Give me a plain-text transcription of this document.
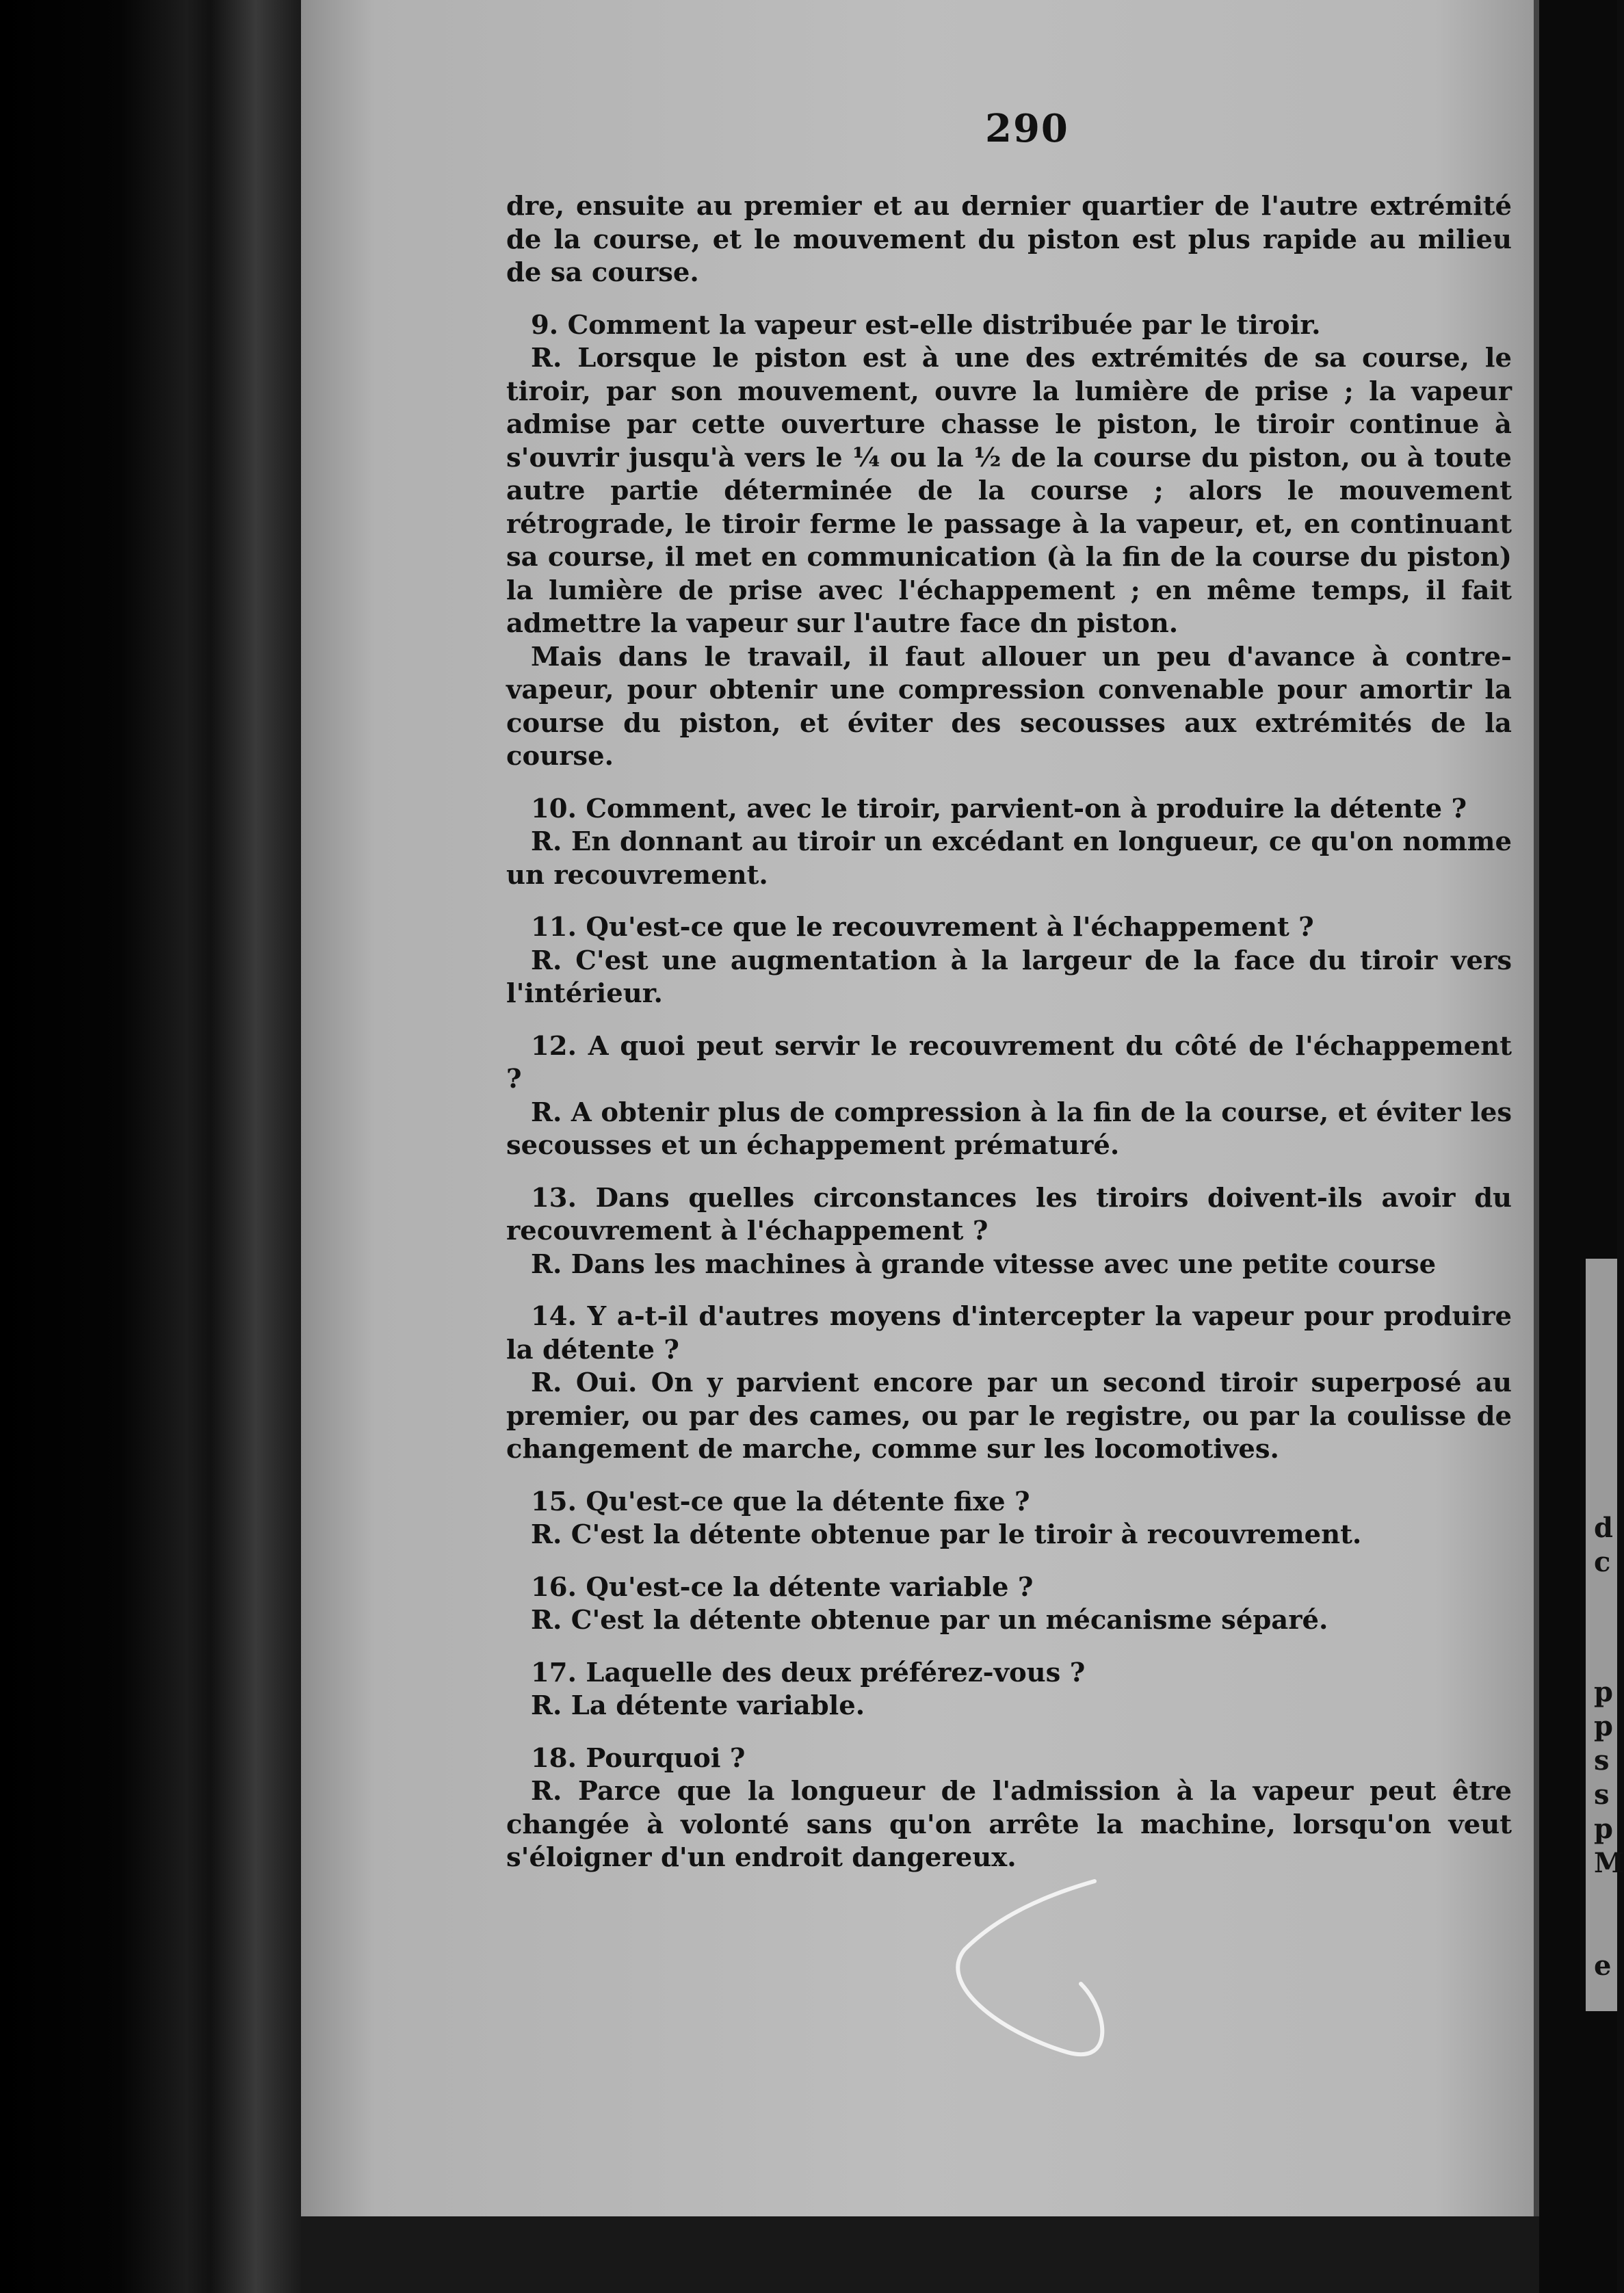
d
c
p
p
s
s
p
M
e
290

dre, ensuite au premier et au dernier quartier de l'autre extrémité de la course, et le mouvement du piston est plus rapide au milieu de sa course.

9. Comment la vapeur est-elle distribuée par le tiroir.

R. Lorsque le piston est à une des extrémités de sa course, le tiroir, par son mouvement, ouvre la lumière de prise ; la vapeur admise par cette ouverture chasse le piston, le tiroir continue à s'ouvrir jusqu'à vers le ¼ ou la ½ de la course du piston, ou à toute autre partie déterminée de la course ; alors le mouvement rétrograde, le tiroir ferme le passage à la vapeur, et, en continuant sa course, il met en communication (à la fin de la course du piston) la lumière de prise avec l'échappement ; en même temps, il fait admettre la vapeur sur l'autre face dn piston.

Mais dans le travail, il faut allouer un peu d'avance à contre-vapeur, pour obtenir une compression convenable pour amortir la course du piston, et éviter des secousses aux extrémités de la course.

10. Comment, avec le tiroir, parvient-on à produire la détente ?

R. En donnant au tiroir un excédant en longueur, ce qu'on nomme un recouvrement.

11. Qu'est-ce que le recouvrement à l'échappement ?

R. C'est une augmentation à la largeur de la face du tiroir vers l'intérieur.

12. A quoi peut servir le recouvrement du côté de l'échappement ?

R. A obtenir plus de compression à la fin de la course, et éviter les secousses et un échappement prématuré.

13. Dans quelles circonstances les tiroirs doivent-ils avoir du recouvrement à l'échappement ?

R. Dans les machines à grande vitesse avec une petite course

14. Y a-t-il d'autres moyens d'intercepter la vapeur pour produire la détente ?

R. Oui. On y parvient encore par un second tiroir superposé au premier, ou par des cames, ou par le registre, ou par la coulisse de changement de marche, comme sur les locomotives.

15. Qu'est-ce que la détente fixe ?

R. C'est la détente obtenue par le tiroir à recouvrement.

16. Qu'est-ce la détente variable ?

R. C'est la détente obtenue par un mécanisme séparé.

17. Laquelle des deux préférez-vous ?

R. La détente variable.

18. Pourquoi ?

R. Parce que la longueur de l'admission à la vapeur peut être changée à volonté sans qu'on arrête la machine, lorsqu'on veut s'éloigner d'un endroit dangereux.
